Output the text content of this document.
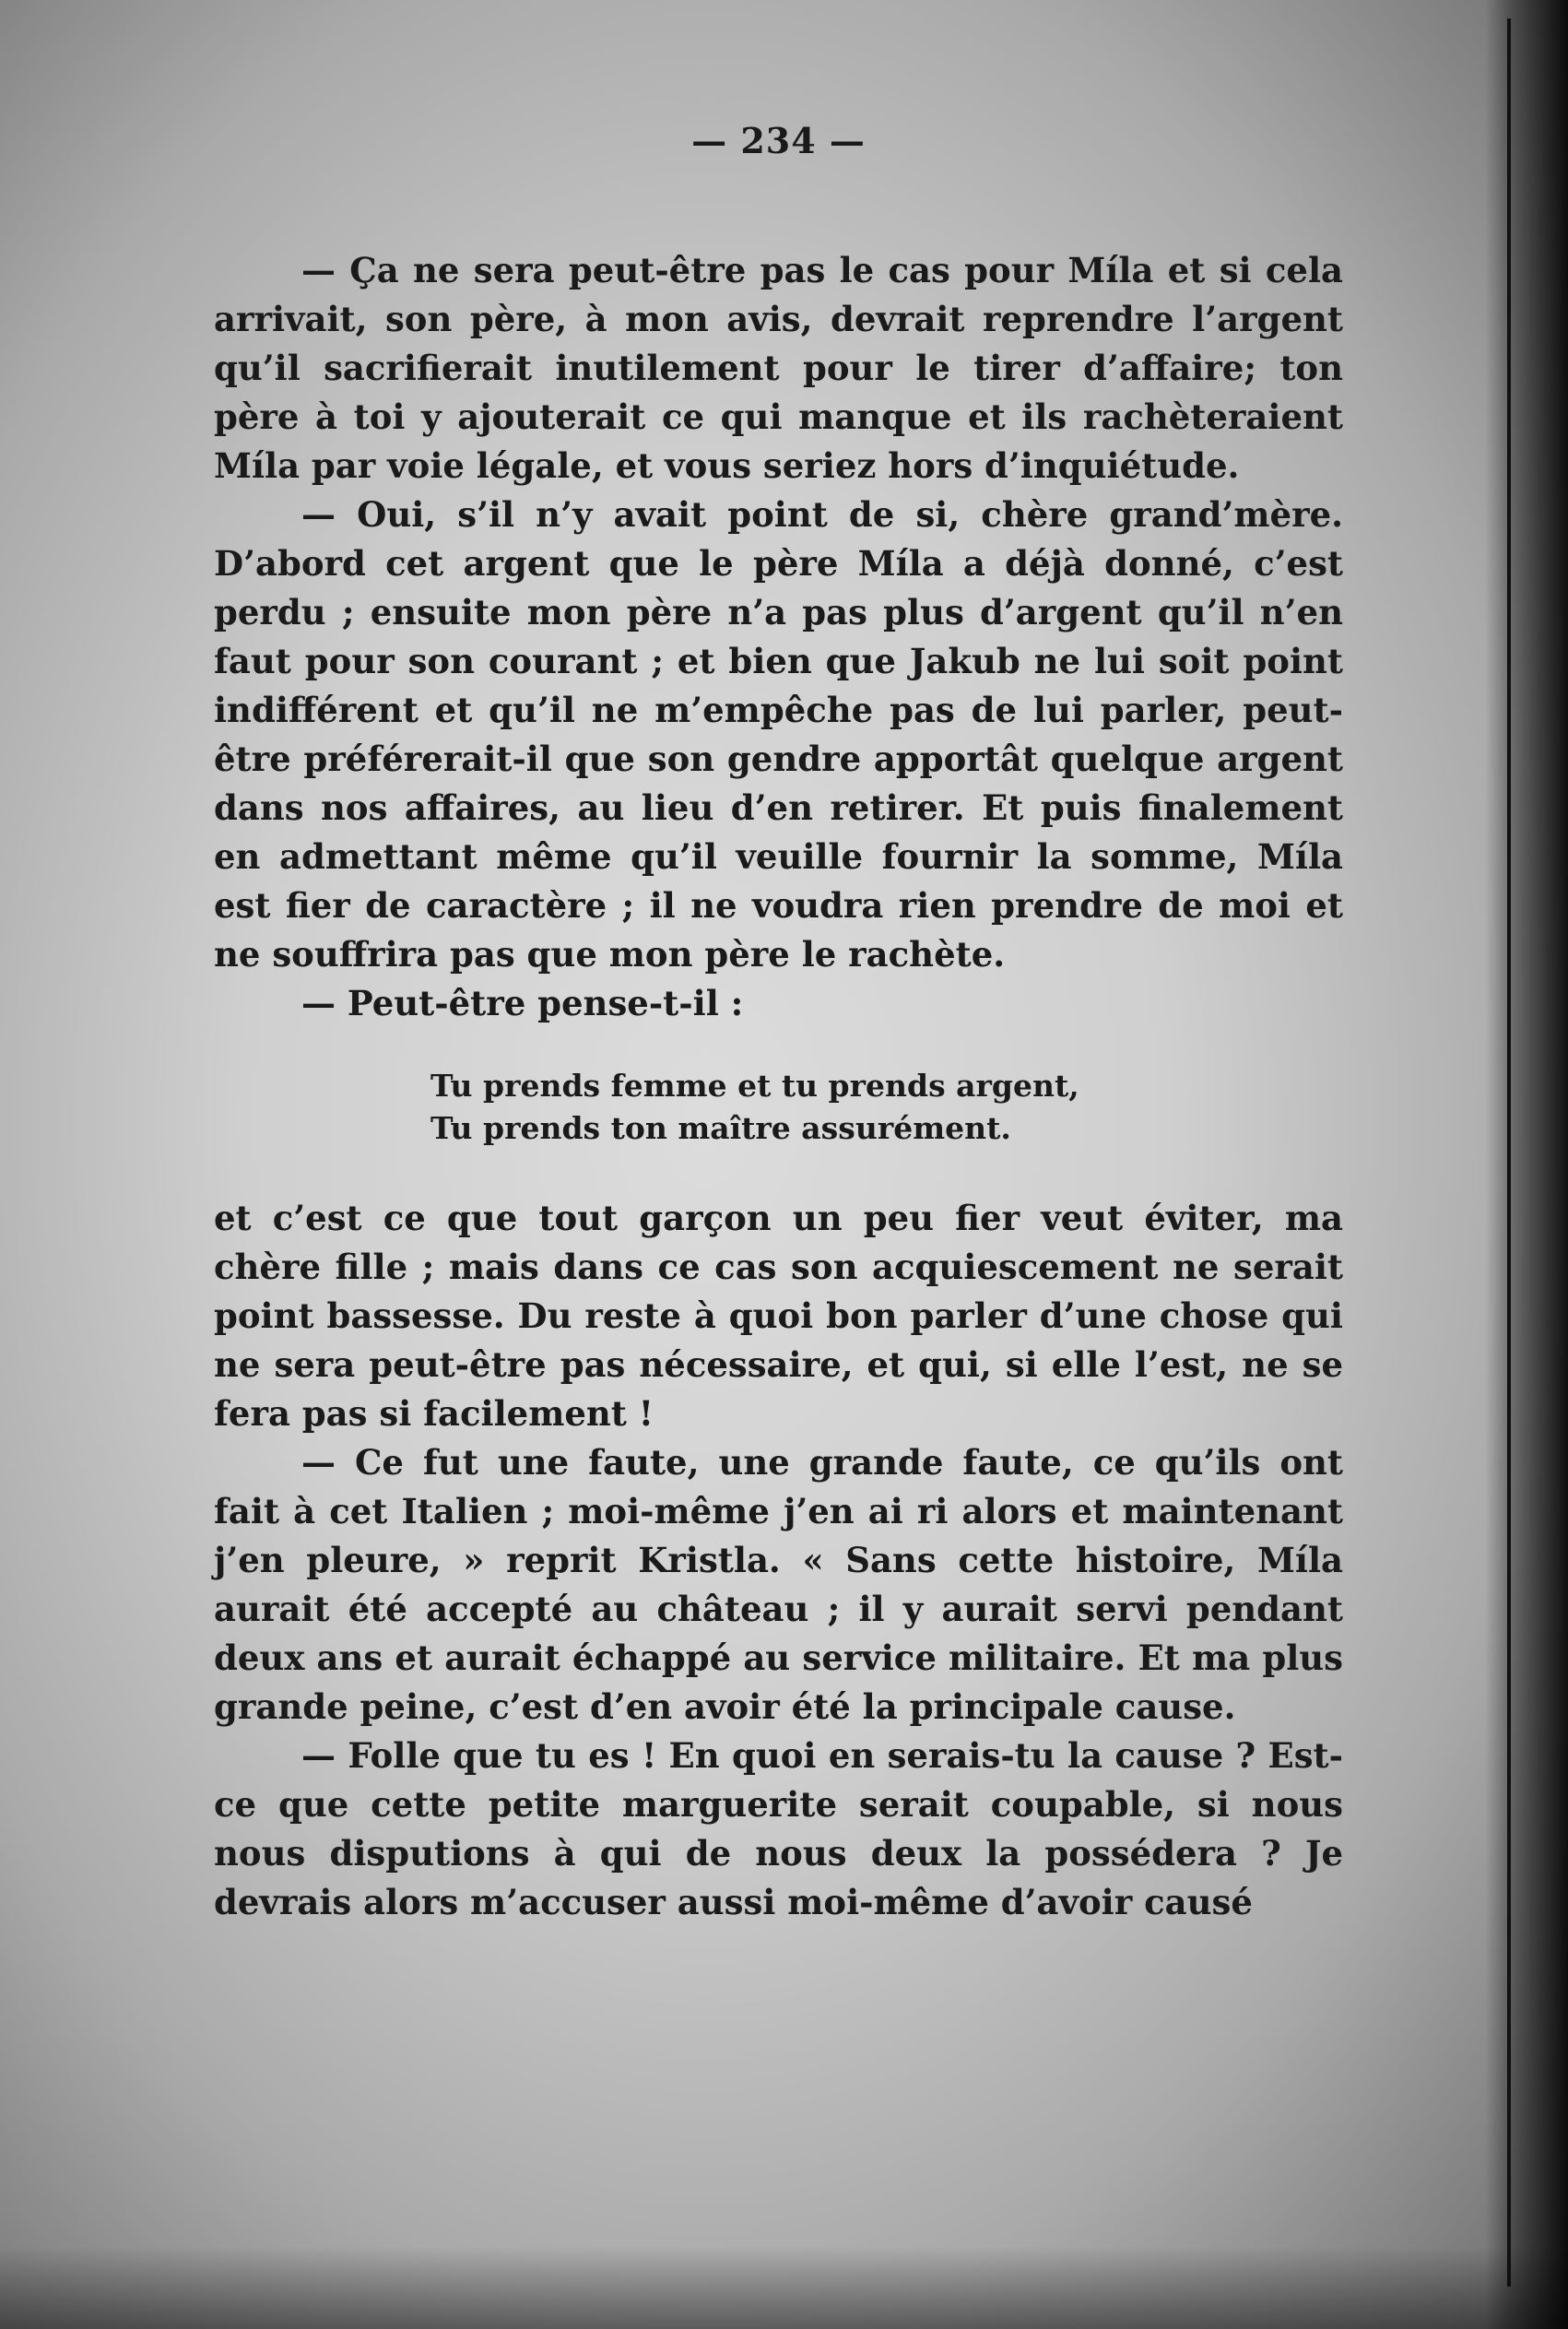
— 234 —

— Ça ne sera peut-être pas le cas pour Míla et si cela arrivait, son père, à mon avis, devrait reprendre l’argent qu’il sacrifierait inutilement pour le tirer d’affaire; ton père à toi y ajouterait ce qui manque et ils rachèteraient Míla par voie légale, et vous seriez hors d’inquiétude.

— Oui, s’il n’y avait point de si, chère grand’mère. D’abord cet argent que le père Míla a déjà donné, c’est perdu ; ensuite mon père n’a pas plus d’argent qu’il n’en faut pour son courant ; et bien que Jakub ne lui soit point indifférent et qu’il ne m’empêche pas de lui parler, peut-être préférerait-il que son gendre apportât quelque argent dans nos affaires, au lieu d’en retirer. Et puis finalement en admettant même qu’il veuille fournir la somme, Míla est fier de caractère ; il ne voudra rien prendre de moi et ne souffrira pas que mon père le rachète.

— Peut-être pense-t-il :

Tu prends femme et tu prends argent,
Tu prends ton maître assurément.

et c’est ce que tout garçon un peu fier veut éviter, ma chère fille ; mais dans ce cas son acquiescement ne serait point bassesse. Du reste à quoi bon parler d’une chose qui ne sera peut-être pas nécessaire, et qui, si elle l’est, ne se fera pas si facilement !

— Ce fut une faute, une grande faute, ce qu’ils ont fait à cet Italien ; moi-même j’en ai ri alors et maintenant j’en pleure, » reprit Kristla. « Sans cette histoire, Míla aurait été accepté au château ; il y aurait servi pendant deux ans et aurait échappé au service militaire. Et ma plus grande peine, c’est d’en avoir été la principale cause.

— Folle que tu es ! En quoi en serais-tu la cause ? Est-ce que cette petite marguerite serait coupable, si nous nous disputions à qui de nous deux la possédera ? Je devrais alors m’accuser aussi moi-même d’avoir causé
